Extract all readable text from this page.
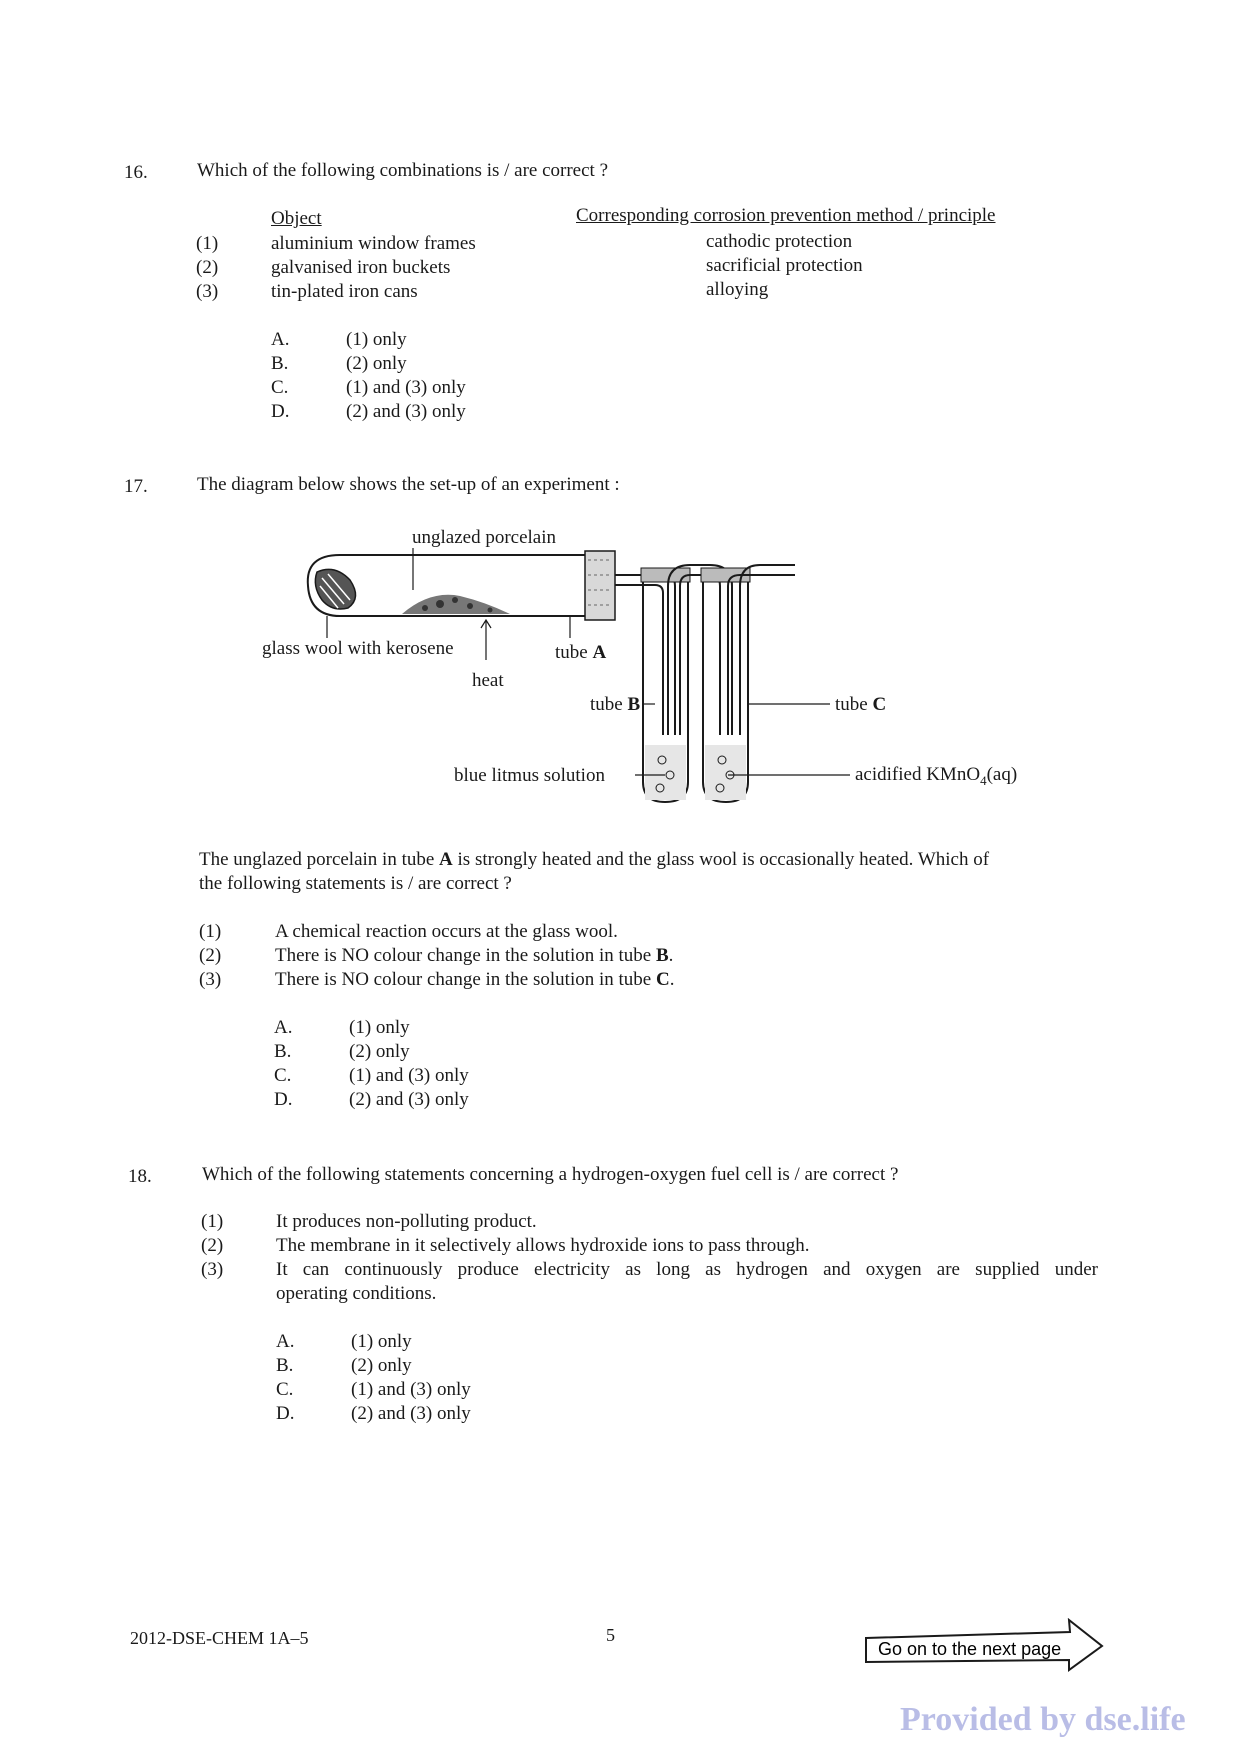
16.	Which of the following combinations is / are correct ?
Object	Corresponding corrosion prevention method / principle
(1)	aluminium window frames	cathodic protection
(2)	galvanised iron buckets	sacrificial protection
(3)	tin-plated iron cans	alloying
A.	(1) only
B.	(2) only
C.	(1) and (3) only
D.	(2) and (3) only
17.	The diagram below shows the set-up of an experiment :
unglazed porcelain
glass wool with kerosene
heat
tube A
tube B	tube C
blue litmus solution	acidified KMnO$_4$(aq)
The unglazed porcelain in tube A is strongly heated and the glass wool is occasionally heated. Which of
the following statements is / are correct ?
(1)	A chemical reaction occurs at the glass wool.
(2)	There is NO colour change in the solution in tube B.
(3)	There is NO colour change in the solution in tube C.
A.	(1) only
B.	(2) only
C.	(1) and (3) only
D.	(2) and (3) only
18.	Which of the following statements concerning a hydrogen-oxygen fuel cell is / are correct ?
(1)	It produces non-polluting product.
(2)	The membrane in it selectively allows hydroxide ions to pass through.
(3)	It can continuously produce electricity as long as hydrogen and oxygen are supplied under
operating conditions.
A.	(1) only
B.	(2) only
C.	(1) and (3) only
D.	(2) and (3) only
2012-DSE-CHEM 1A–5	5
Go on to the next page
Provided by dse.life
